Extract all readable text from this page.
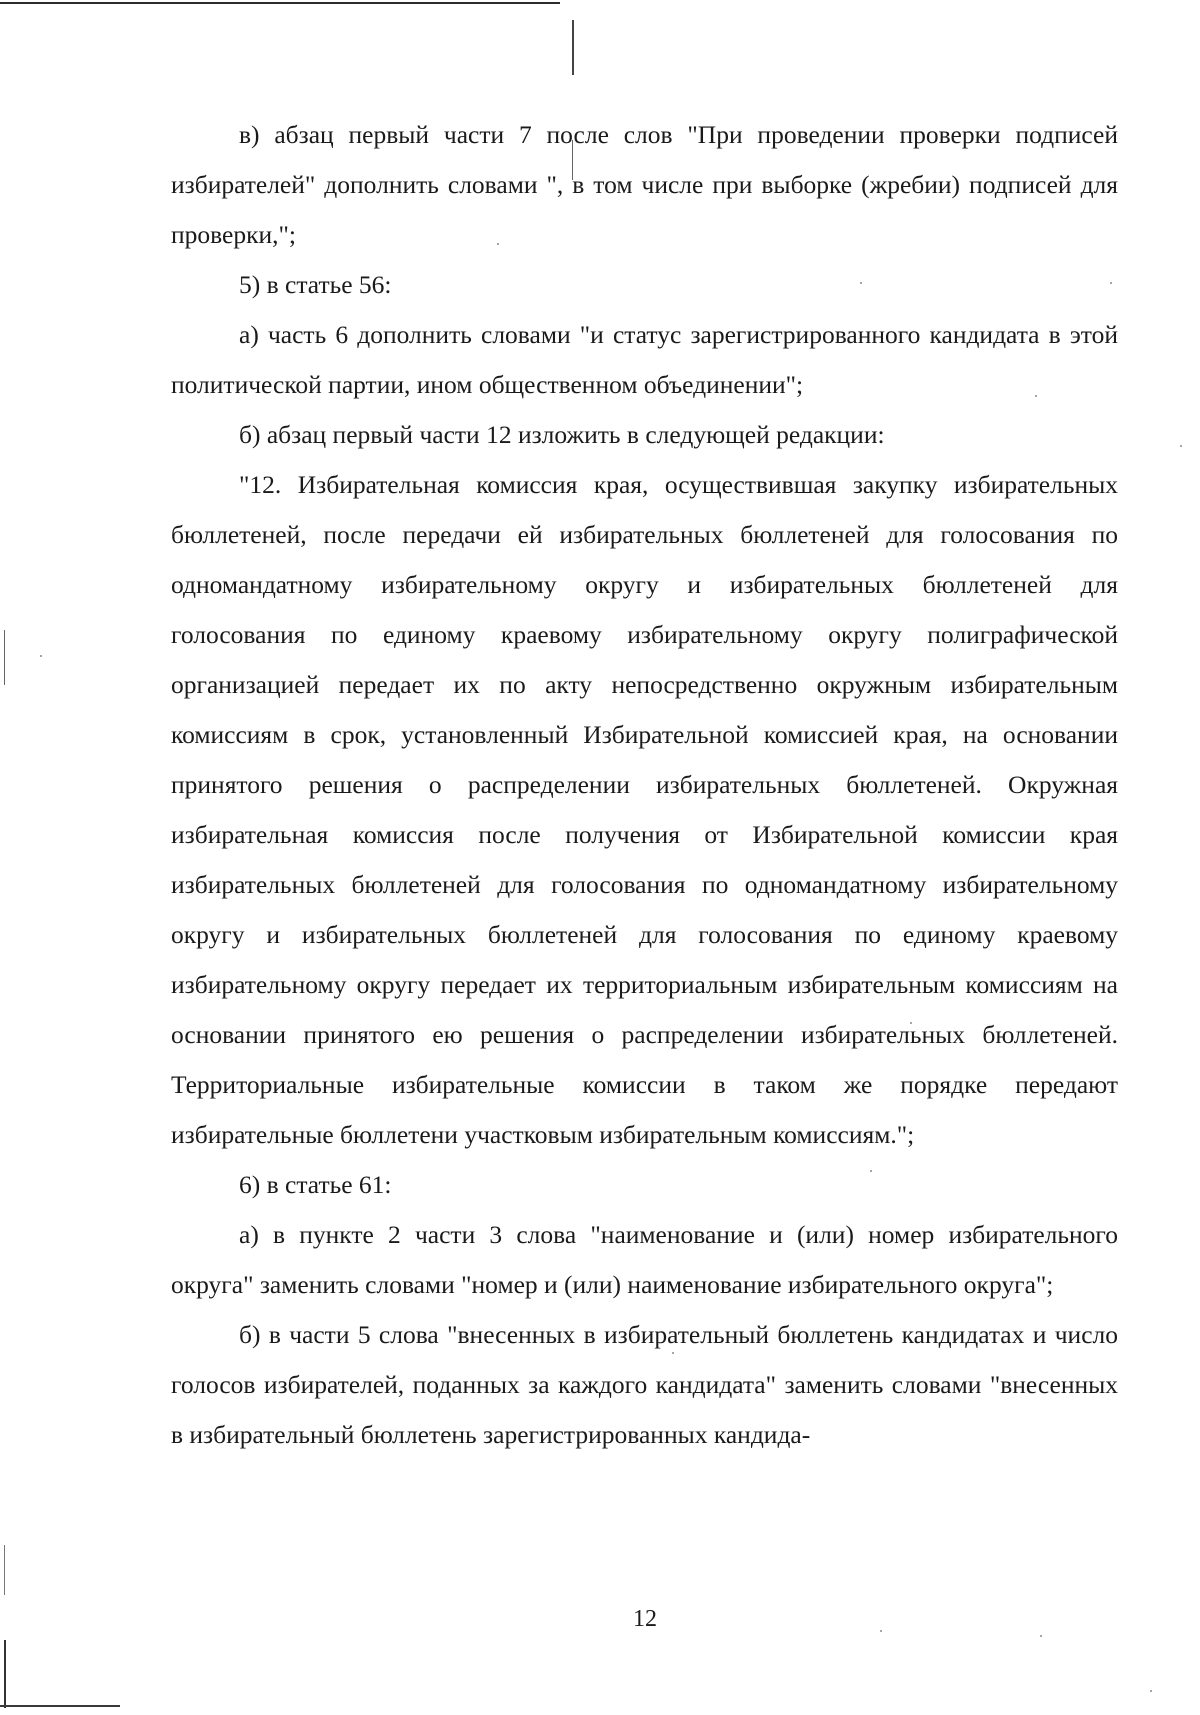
в) абзац первый части 7 после слов "При проведении проверки подписей избирателей" дополнить словами ", в том числе при выборке (жребии) подписей для проверки,";

5) в статье 56:

а) часть 6 дополнить словами "и статус зарегистрированного кандидата в этой политической партии, ином общественном объединении";

б) абзац первый части 12 изложить в следующей редакции:

"12. Избирательная комиссия края, осуществившая закупку избирательных бюллетеней, после передачи ей избирательных бюллетеней для голосования по одномандатному избирательному округу и избирательных бюллетеней для голосования по единому краевому избирательному округу полиграфической организацией передает их по акту непосредственно окружным избирательным комиссиям в срок, установленный Избирательной комиссией края, на основании принятого решения о распределении избирательных бюллетеней. Окружная избирательная комиссия после получения от Избирательной комиссии края избирательных бюллетеней для голосования по одномандатному избирательному округу и избирательных бюллетеней для голосования по единому краевому избирательному округу передает их территориальным избирательным комиссиям на основании принятого ею решения о распределении избирательных бюллетеней. Территориальные избирательные комиссии в таком же порядке передают избирательные бюллетени участковым избирательным комиссиям.";

6) в статье 61:

а) в пункте 2 части 3 слова "наименование и (или) номер избирательного округа" заменить словами "номер и (или) наименование избирательного округа";

б) в части 5 слова "внесенных в избирательный бюллетень кандидатах и число голосов избирателей, поданных за каждого кандидата" заменить словами "внесенных в избирательный бюллетень зарегистрированных кандида-

12
